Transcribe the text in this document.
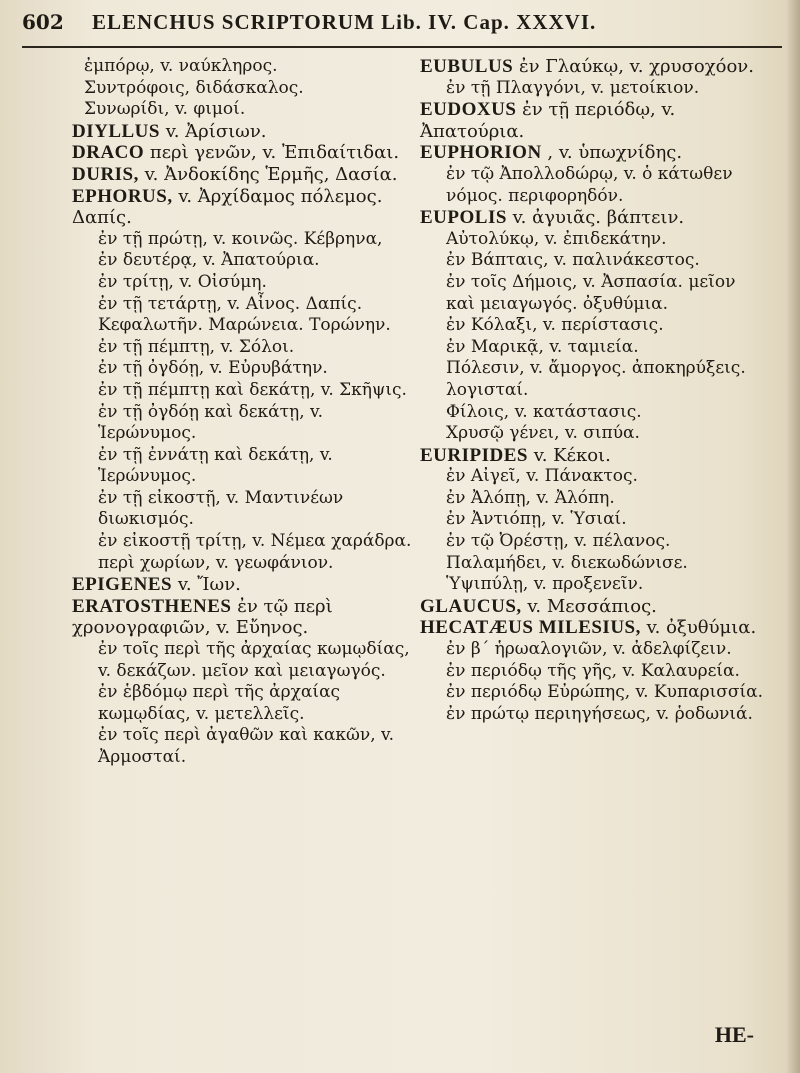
602	ELENCHUS SCRIPTORUM Lib. IV. Cap. XXXVI.

ἐμπόρῳ, v. ναύκληρος.

Συντρόφοις, διδάσκαλος.

Συνωρίδι, v. φιμοί.

DIYLLUS v. Ἀρίσιων.

DRACO περὶ γενῶν, v. Ἐπιδαίτιδαι.

DURIS, v. Ἀνδοκίδης Ἑρμῆς, Δασία.

EPHORUS, v. Ἀρχίδαμος πόλεμος. Δαπίς.

ἐν τῇ πρώτῃ, v. κοινῶς. Κέβρηνα,

ἐν δευτέρᾳ, v. Ἀπατούρια.

ἐν τρίτῃ, v. Οἰσύμη.

ἐν τῇ τετάρτῃ, v. Αἶνος. Δαπίς. Κεφαλωτῆν. Μαρώνεια. Τορώνην.

ἐν τῇ πέμπτῃ, v. Σόλοι.

ἐν τῇ ὀγδόῃ, v. Εὐρυβάτην.

ἐν τῇ πέμπτῃ καὶ δεκάτῃ, v. Σκῆψις.

ἐν τῇ ὀγδόῃ καὶ δεκάτῃ, v. Ἱερώνυμος.

ἐν τῇ ἐννάτῃ καὶ δεκάτῃ, v. Ἱερώνυμος.

ἐν τῇ εἰκοστῇ, v. Μαντινέων διωκισμός.

ἐν εἰκοστῇ τρίτῃ, v. Νέμεα χαράδρα.

περὶ χωρίων, v. γεωφάνιον.

EPIGENES v. Ἴων.

ERATOSTHENES ἐν τῷ περὶ χρονογραφιῶν, v. Εὔηνος.

ἐν τοῖς περὶ τῆς ἀρχαίας κωμῳδίας, v. δεκάζων. μεῖον καὶ μειαγωγός.

ἐν ἑβδόμῳ περὶ τῆς ἀρχαίας κωμῳδίας, v. μετελλεῖς.

ἐν τοῖς περὶ ἀγαθῶν καὶ κακῶν, v. Ἀρμοσταί.

EUBULUS ἐν Γλαύκῳ, v. χρυσοχόον.

ἐν τῇ Πλαγγόνι, v. μετοίκιον.

EUDOXUS ἐν τῇ περιόδῳ, v. Ἀπατούρια.

EUPHORION , v. ὑπωχνίδης.

ἐν τῷ Ἀπολλοδώρῳ, v. ὁ κάτωθεν νόμος. περιφορηδόν.

EUPOLIS v. ἀγυιᾶς. βάπτειν.

Αὐτολύκῳ, v. ἐπιδεκάτην.

ἐν Βάπταις, v. παλινάκεστος.

ἐν τοῖς Δήμοις, v. Ἀσπασία. μεῖον καὶ μειαγωγός. ὀξυθύμια.

ἐν Κόλαξι, v. περίστασις.

ἐν Μαρικᾷ, v. ταμιεία.

Πόλεσιν, v. ἄμοργος. ἀποκηρύξεις. λογισταί.

Φίλοις, v. κατάστασις.

Χρυσῷ γένει, v. σιπύα.

EURIPIDES v. Κέκοι.

ἐν Αἰγεῖ, v. Πάνακτος.

ἐν Ἀλόπῃ, v. Ἀλόπη.

ἐν Ἀντιόπῃ, v. Ὑσιαί.

ἐν τῷ Ὀρέστῃ, v. πέλανος.

Παλαμήδει, v. διεκωδώνισε. Ὑψιπύλῃ, v. προξενεῖν.

GLAUCUS, v. Μεσσάπιος.

HECATÆUS MILESIUS, v. ὀξυθύμια.

ἐν β´ ἡρωαλογιῶν, v. ἀδελφίζειν.

ἐν περιόδῳ τῆς γῆς, v. Καλαυρεία.

ἐν περιόδῳ Εὐρώπης, v. Κυπαρισσία.

ἐν πρώτῳ περιηγήσεως, v. ῥοδωνιά.

HE-
